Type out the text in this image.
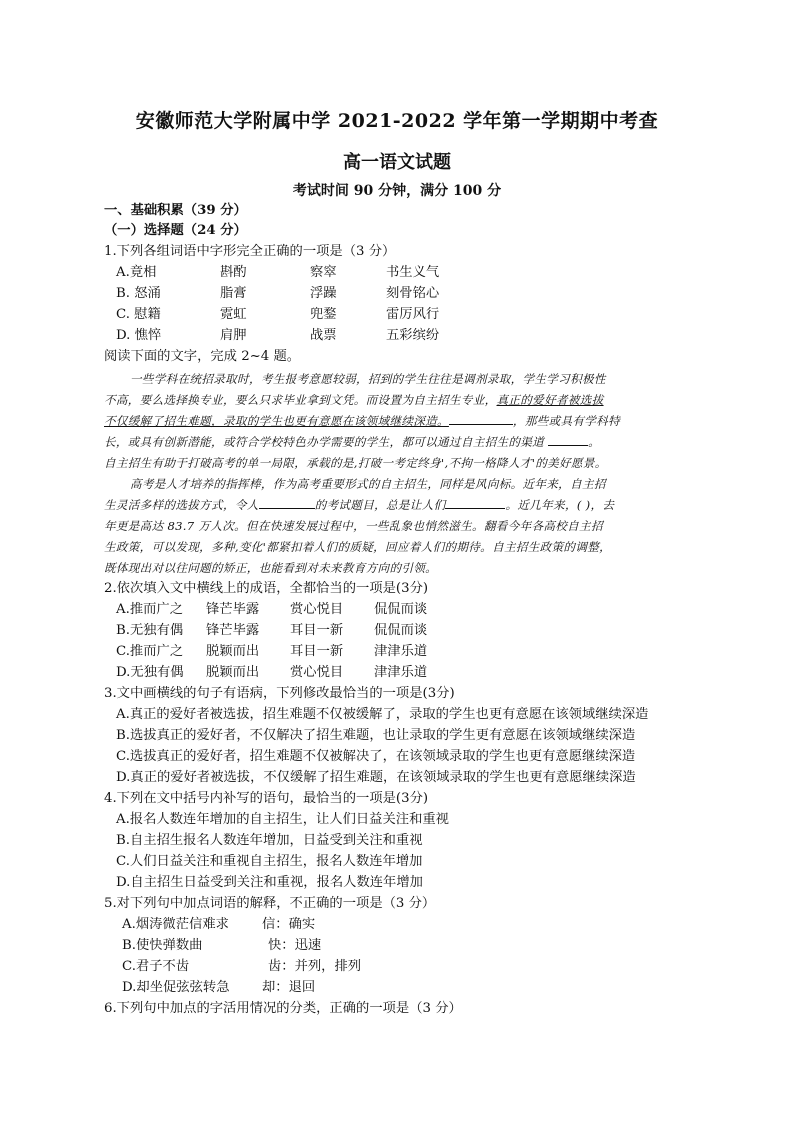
安徽师范大学附属中学 2021-2022 学年第一学期期中考查
高一语文试题
考试时间 90 分钟，满分 100 分
一、基础积累（39 分）
（一）选择题（24 分）
1.下列各组词语中字形完全正确的一项是（3 分）
A.竟相	斟酌	察窣	书生义气
B. 怒涌	脂膏	浮躁	刻骨铭心
C. 慰籍	霓虹	兜鍪	雷厉风行
D. 憔悴	肩胛	战票	五彩缤纷
阅读下面的文字，完成 2~4 题。
一些学科在统招录取时，考生报考意愿较弱，招到的学生往往是调剂录取，学生学习积极性
不高，要么选择换专业，要么只求毕业拿到文凭。而设置为自主招生专业，真正的爱好者被选拔
不仅缓解了招生难题，录取的学生也更有意愿在该领域继续深造。	，那些或具有学科特
长，或具有创新潜能，或符合学校特色办学需要的学生，都可以通过自主招生的渠道	。
自主招生有助于打破高考的单一局限，承载的是,打破一考定终身',不拘一格降人才'的美好愿景。
高考是人才培养的指挥棒，作为高考重要形式的自主招生，同样是风向标。近年来，自主招
生灵活多样的选拔方式，令人	的考试题目，总是让人们	。近几年来，( )，去
年更是高达 83.7 万人次。但在快速发展过程中，一些乱象也悄然滋生。翻看今年各高校自主招
生政策，可以发现，多种,变化'都紧扣着人们的质疑，回应着人们的期待。自主招生政策的调整，
既体现出对以往问题的矫正，也能看到对未来教育方向的引领。
2.依次填入文中横线上的成语，全都恰当的一项是(3分)
A.推而广之 锋芒毕露 赏心悦目 侃侃而谈
B.无独有偶 锋芒毕露 耳目一新 侃侃而谈
C.推而广之 脱颖而出 耳目一新 津津乐道
D.无独有偶 脱颖而出 赏心悦目 津津乐道
3.文中画横线的句子有语病，下列修改最恰当的一项是(3分)
A.真正的爱好者被选拔，招生难题不仅被缓解了，录取的学生也更有意愿在该领域继续深造
B.选拔真正的爱好者，不仅解决了招生难题，也让录取的学生更有意愿在该领域继续深造
C.选拔真正的爱好者，招生难题不仅被解决了，在该领域录取的学生也更有意愿继续深造
D.真正的爱好者被选拔，不仅缓解了招生难题，在该领域录取的学生也更有意愿继续深造
4.下列在文中括号内补写的语句，最恰当的一项是(3分)
A.报名人数连年增加的自主招生，让人们日益关注和重视
B.自主招生报名人数连年增加，日益受到关注和重视
C.人们日益关注和重视自主招生，报名人数连年增加
D.自主招生日益受到关注和重视，报名人数连年增加
5.对下列句中加点词语的解释，不正确的一项是（3 分）
A.烟涛微茫信难求 信：确实
B.使快弹数曲	快：迅速
C.君子不齿	齿：并列，排列
D.却坐促弦弦转急 却：退回
6.下列句中加点的字活用情况的分类，正确的一项是（3 分）
